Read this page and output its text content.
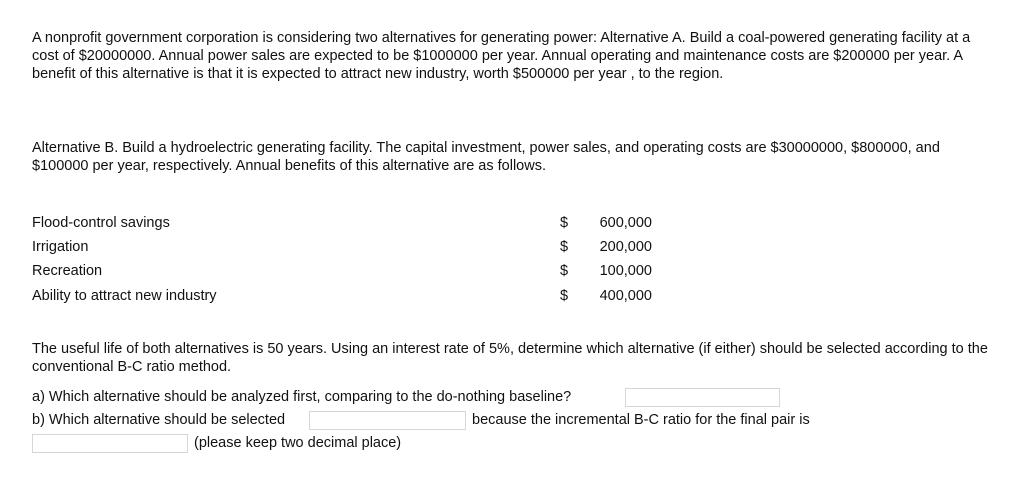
A nonprofit government corporation is considering two alternatives for generating power: Alternative A. Build a coal-powered generating facility at a cost of $20000000. Annual power sales are expected to be $1000000 per year. Annual operating and maintenance costs are $200000 per year. A benefit of this alternative is that it is expected to attract new industry, worth $500000 per year , to the region.

Alternative B. Build a hydroelectric generating facility. The capital investment, power sales, and operating costs are $30000000, $800000, and $100000 per year, respectively. Annual benefits of this alternative are as follows.

Flood-control savings	$	600,000
Irrigation	$	200,000
Recreation	$	100,000
Ability to attract new industry	$	400,000

The useful life of both alternatives is 50 years. Using an interest rate of 5%, determine which alternative (if either) should be selected according to the conventional B-C ratio method.

a) Which alternative should be analyzed first, comparing to the do-nothing baseline?

b) Which alternative should be selected	because the incremental B-C ratio for the final pair is

(please keep two decimal place)
